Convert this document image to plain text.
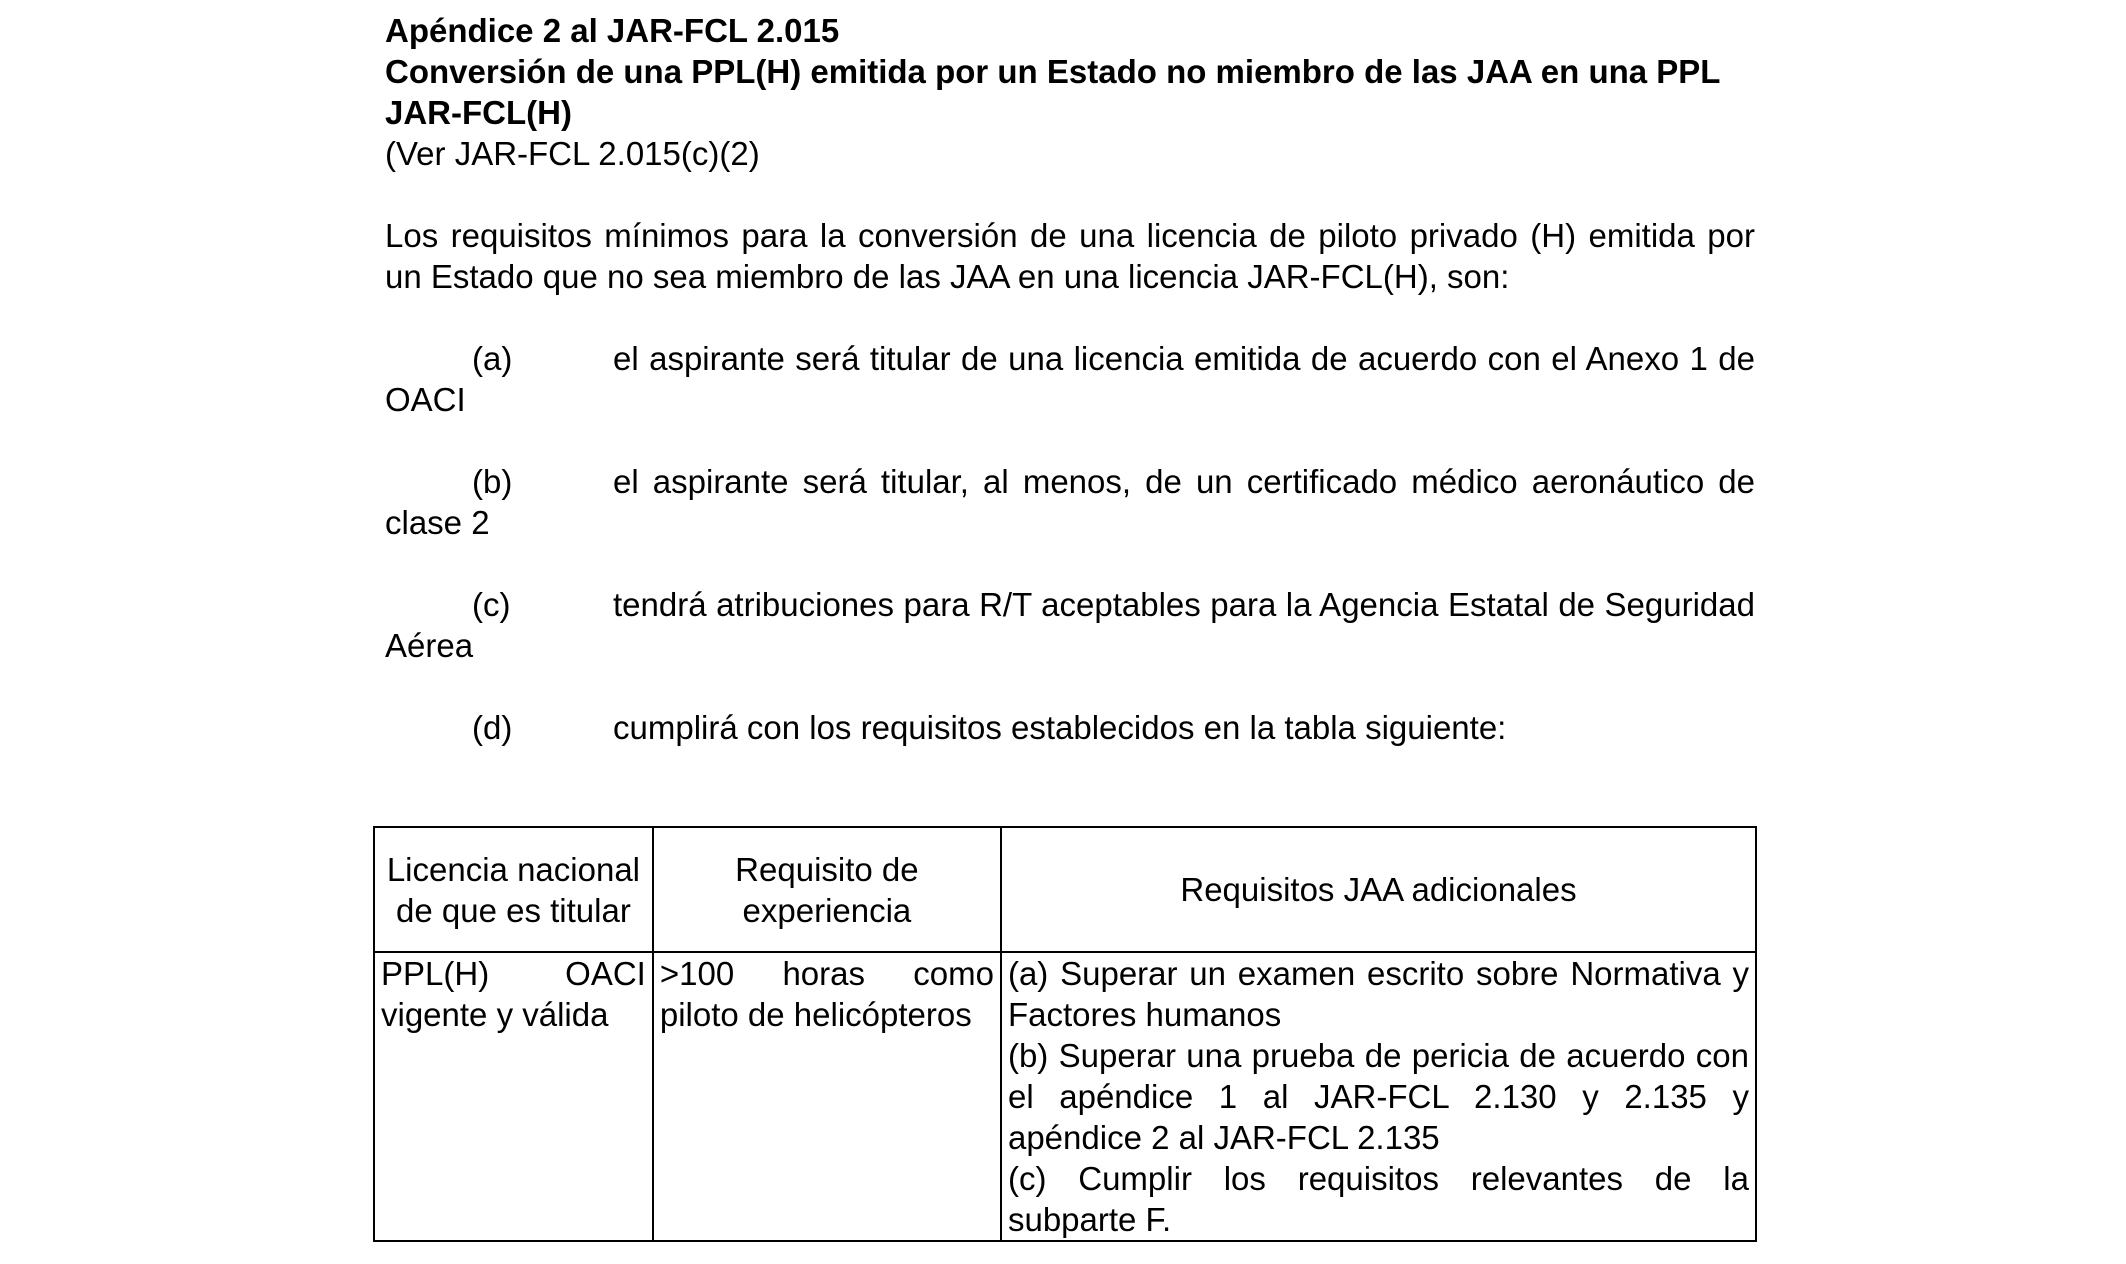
Apéndice 2 al JAR-FCL 2.015

Conversión de una PPL(H) emitida por un Estado no miembro de las JAA en una PPL JAR-FCL(H)

(Ver JAR-FCL 2.015(c)(2)

Los requisitos mínimos para la conversión de una licencia de piloto privado (H) emitida por un Estado que no sea miembro de las JAA en una licencia JAR-FCL(H), son:

(a)	el aspirante será titular de una licencia emitida de acuerdo con el Anexo 1 de OACI

(b)	el aspirante será titular, al menos, de un certificado médico aeronáutico de clase 2

(c)	tendrá atribuciones para R/T aceptables para la Agencia Estatal de Seguridad Aérea

(d)	cumplirá con los requisitos establecidos en la tabla siguiente:

Licencia nacional de que es titular	Requisito de experiencia	Requisitos JAA adicionales
PPL(H) OACI vigente y válida	>100 horas como piloto de helicópteros	(a) Superar un examen escrito sobre Normativa y Factores humanos
(b) Superar una prueba de pericia de acuerdo con el apéndice 1 al JAR-FCL 2.130 y 2.135 y apéndice 2 al JAR-FCL 2.135
(c) Cumplir los requisitos relevantes de la subparte F.
